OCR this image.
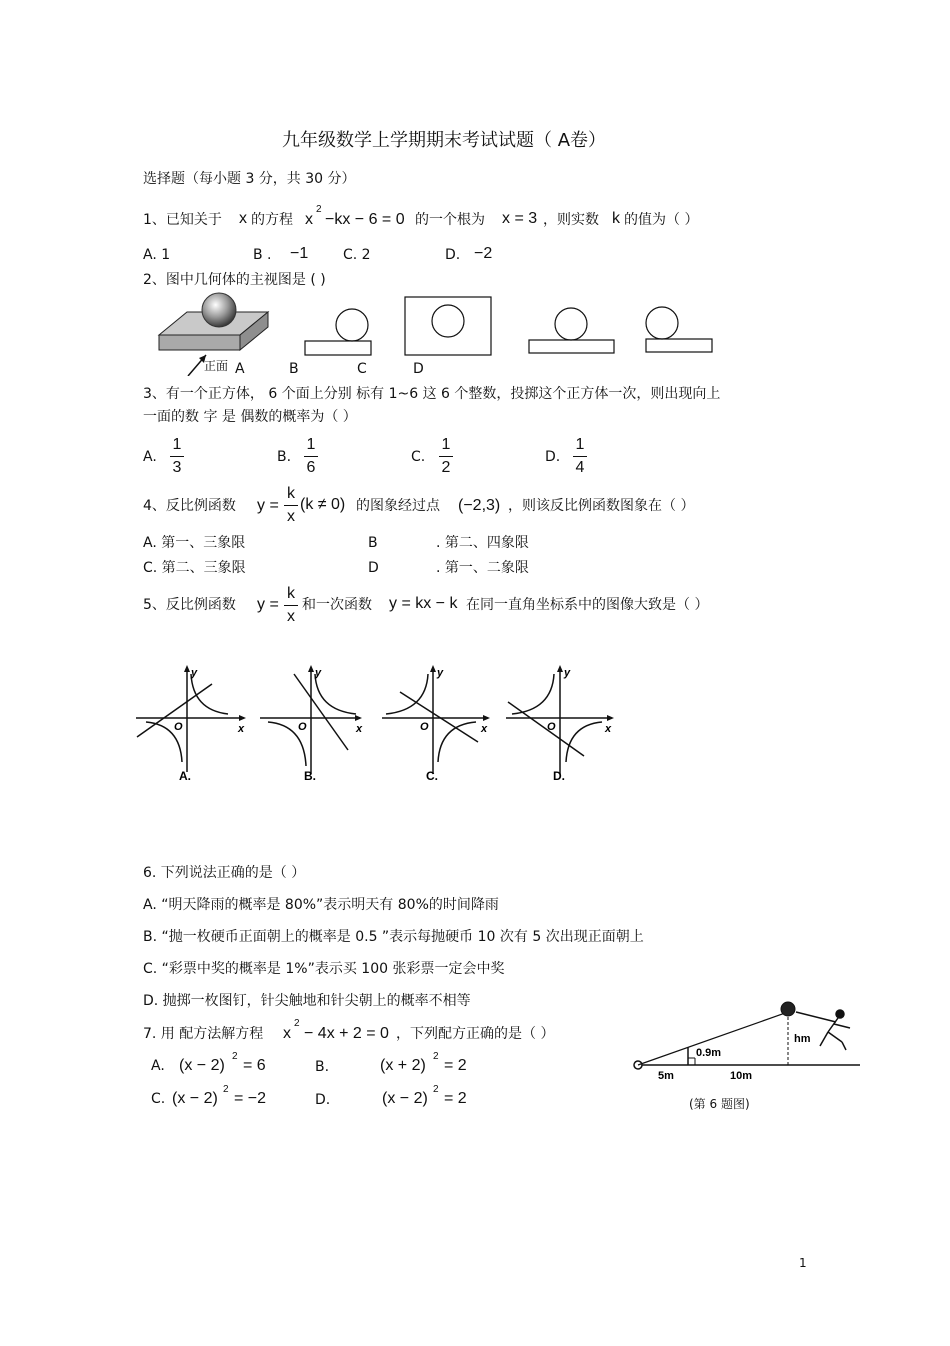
九年级数学上学期期末考试试题（ A卷）
选择题（每小题 3 分，共 30 分）
1、已知关于 x 的方程 x
2
−kx − 6 = 0 的一个根为 x = 3 ，则实数 k 的值为（ ）
A. 1	B . −1 C. 2	D. −2
2、图中几何体的主视图是 ( )
正面 A	B	C	D
3、有一个正方体， 6 个面上分别 标有 1~6 这 6 个整数，投掷这个正方体一次，则出现向上
一面的数 字 是 偶数的概率为（ ）
A.
1
3
B.
1
6
C.
1
2
D.
1
4
4、反比例函数 y =
k
x
(k ≠ 0) 的图象经过点 (−2,3) ，则该反比例函数图象在（ ）
A. 第一、三象限	B	. 第二、四象限
C. 第二、三象限	D	. 第一、二象限
5、反比例函数 y =
k
x
和一次函数 y = kx − k 在同一直角坐标系中的图像大致是（ ）
x
y
O
A.
x
y
O
B.
x
y
O
C.
x
y
O
D.
6. 下列说法正确的是（ ）
A. “明天降雨的概率是 80%”表示明天有 80%的时间降雨
B. “抛一枚硬币正面朝上的概率是 0.5 ”表示每抛硬币 10 次有 5 次出现正面朝上
C. “彩票中奖的概率是 1%”表示买 100 张彩票一定会中奖
D. 抛掷一枚图钉，针尖触地和针尖朝上的概率不相等
7. 用 配方法解方程 x
2
− 4x + 2 = 0 ，下列配方正确的是（ ）
A. (x − 2)
2
= 6	B.	(x + 2)
2
= 2
C. (x − 2)
2
= −2	D.	(x − 2)
2
= 2
0.9m
hm
5m	10m
(第 6 题图)
1
